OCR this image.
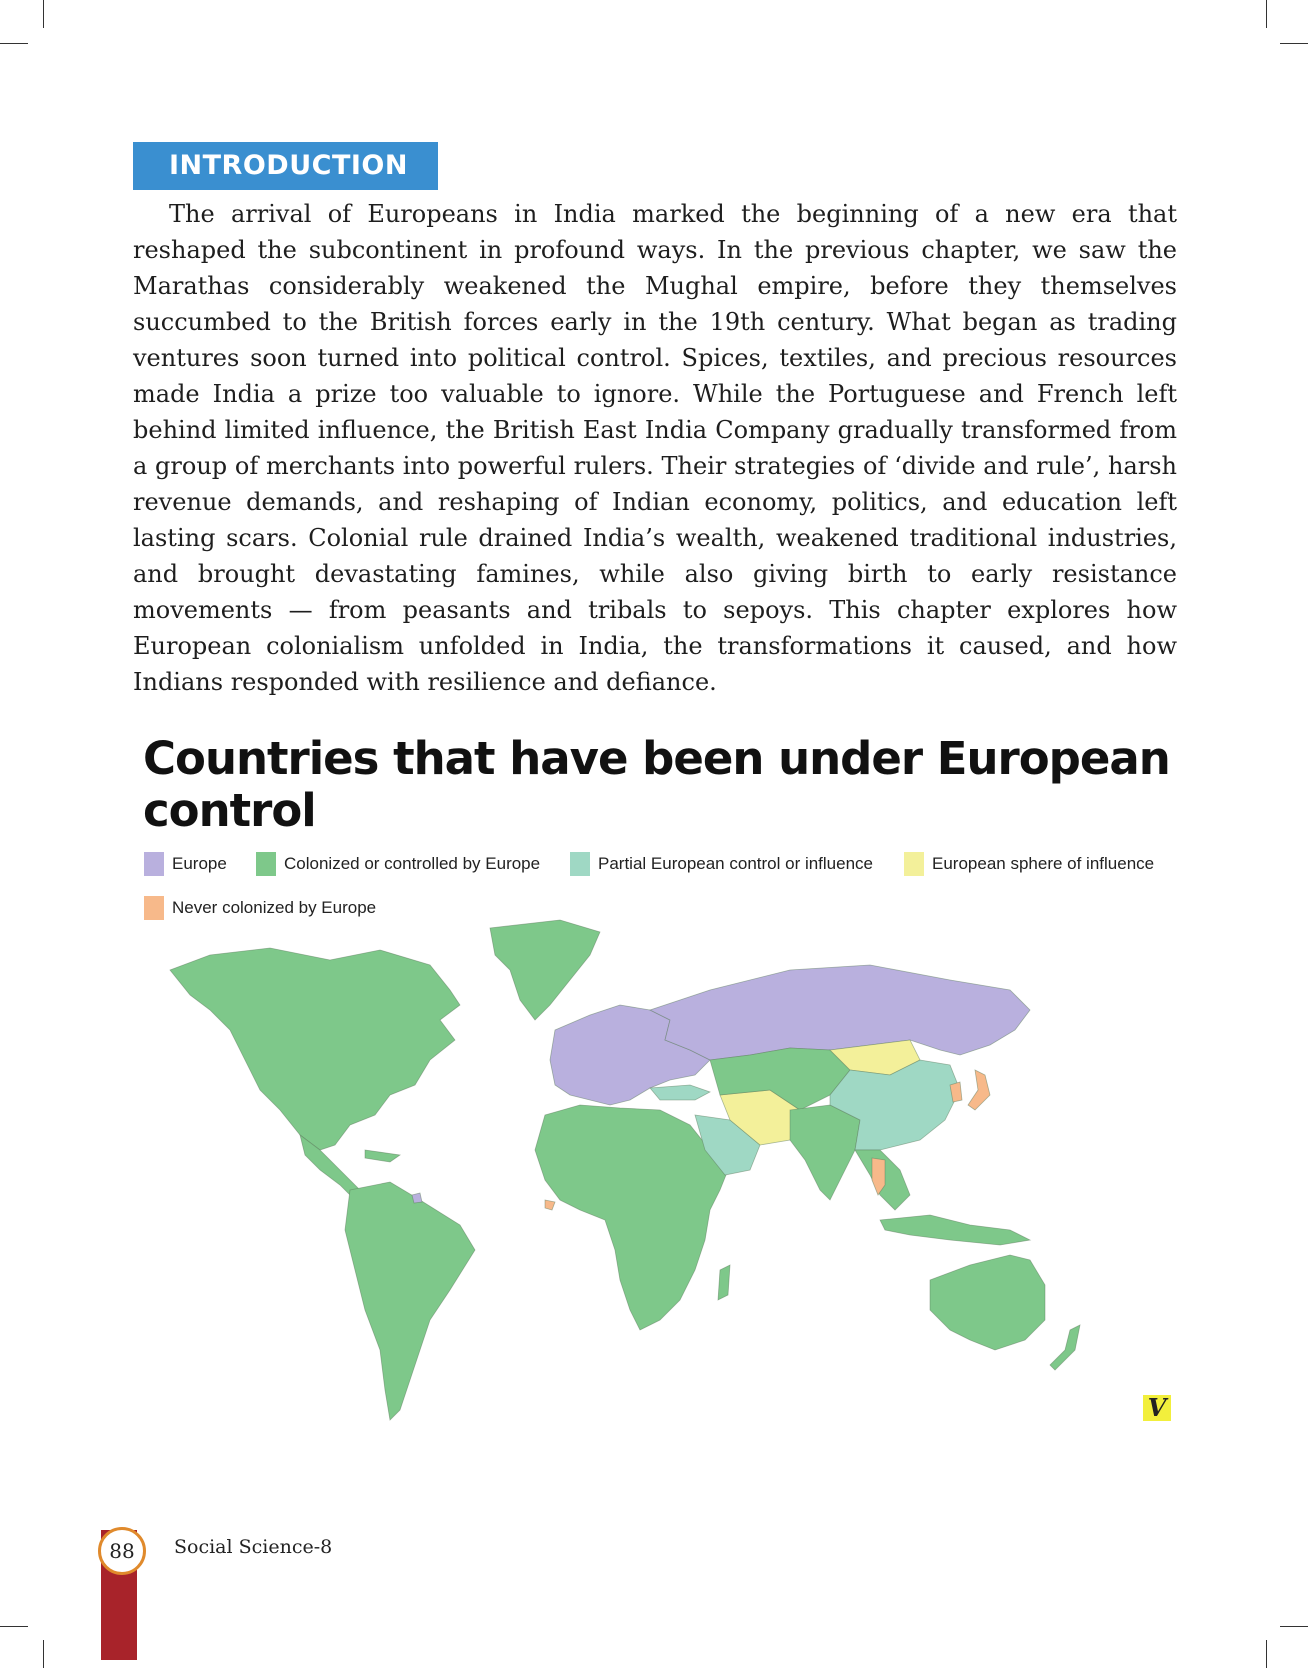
INTRODUCTION

The arrival of Europeans in India marked the beginning of a new era that reshaped the subcontinent in profound ways. In the previous chapter, we saw the Marathas considerably weakened the Mughal empire, before they themselves succumbed to the British forces early in the 19th century. What began as trading ventures soon turned into political control. Spices, textiles, and precious resources made India a prize too valuable to ignore. While the Portuguese and French left behind limited influence, the British East India Company gradually transformed from a group of merchants into powerful rulers. Their strategies of ‘divide and rule’, harsh revenue demands, and reshaping of Indian economy, politics, and education left lasting scars. Colonial rule drained India’s wealth, weakened traditional industries, and brought devastating famines, while also giving birth to early resistance movements — from peasants and tribals to sepoys. This chapter explores how European colonialism unfolded in India, the transformations it caused, and how Indians responded with resilience and defiance.

Countries that have been under European control
Europe	Colonized or controlled by Europe	Partial European control or influence	European sphere of influence
Never colonized by Europe
V
88	Social Science-8
